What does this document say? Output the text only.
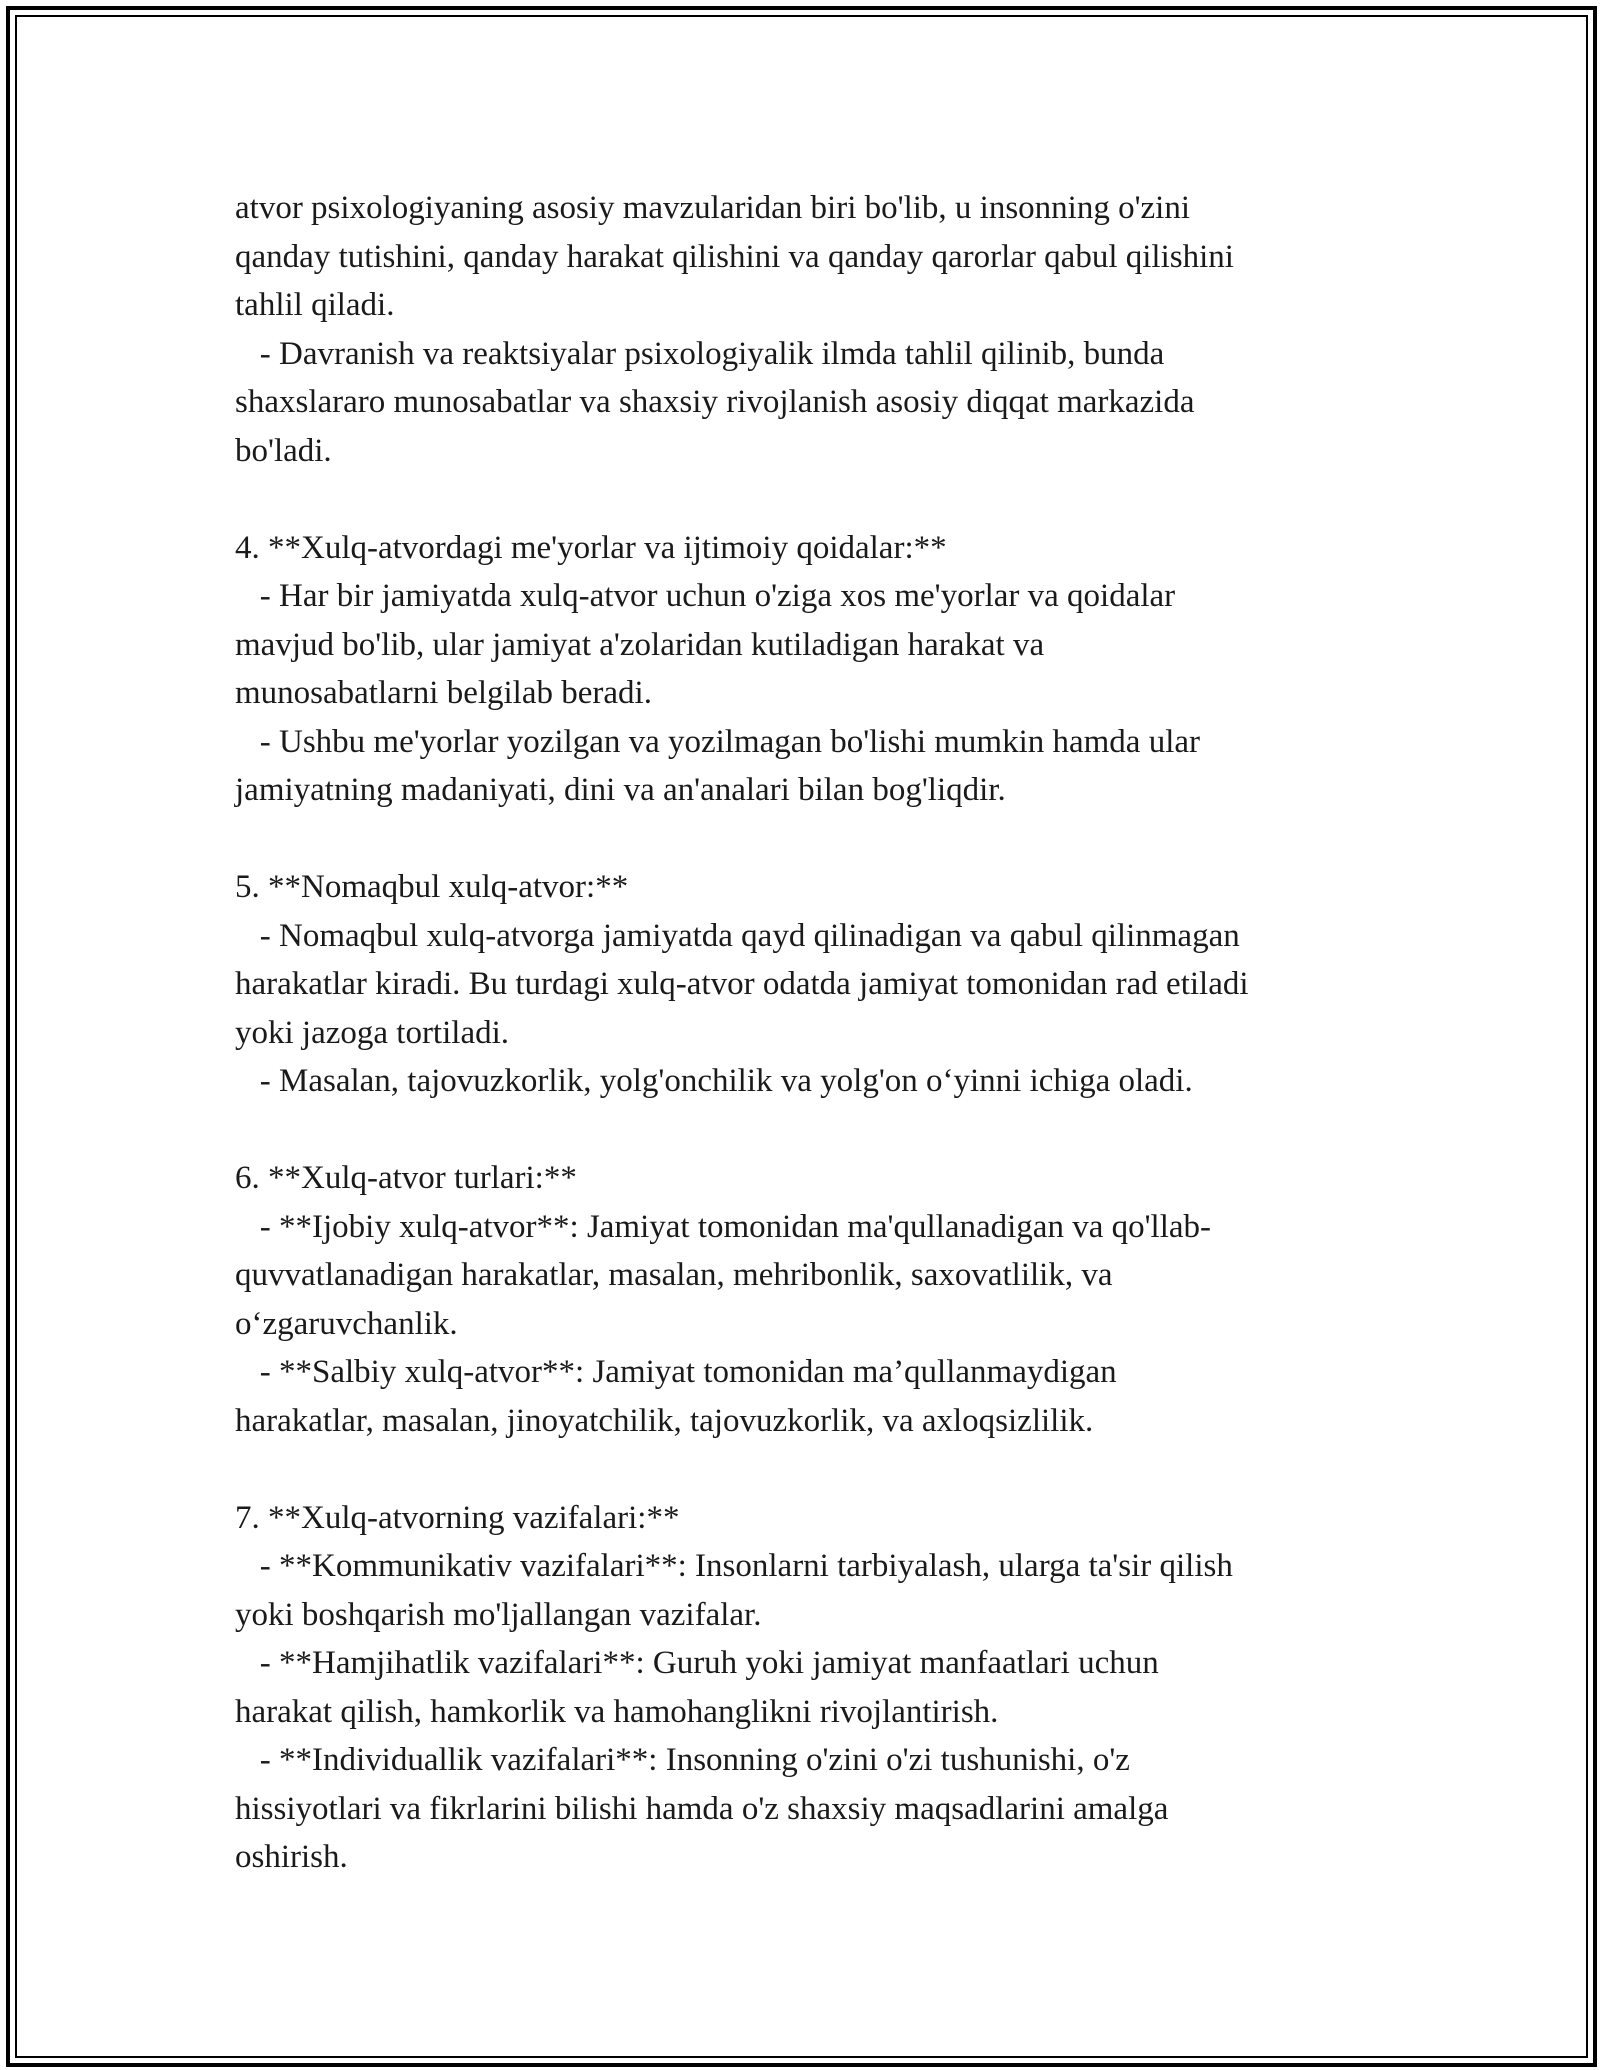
atvor psixologiyaning asosiy mavzularidan biri bo'lib, u insonning o'zini
qanday tutishini, qanday harakat qilishini va qanday qarorlar qabul qilishini
tahlil qiladi.
- Davranish va reaktsiyalar psixologiyalik ilmda tahlil qilinib, bunda
shaxslararo munosabatlar va shaxsiy rivojlanish asosiy diqqat markazida
bo'ladi.
4. **Xulq-atvordagi me'yorlar va ijtimoiy qoidalar:**
- Har bir jamiyatda xulq-atvor uchun o'ziga xos me'yorlar va qoidalar
mavjud bo'lib, ular jamiyat a'zolaridan kutiladigan harakat va
munosabatlarni belgilab beradi.
- Ushbu me'yorlar yozilgan va yozilmagan bo'lishi mumkin hamda ular
jamiyatning madaniyati, dini va an'analari bilan bog'liqdir.
5. **Nomaqbul xulq-atvor:**
- Nomaqbul xulq-atvorga jamiyatda qayd qilinadigan va qabul qilinmagan
harakatlar kiradi. Bu turdagi xulq-atvor odatda jamiyat tomonidan rad etiladi
yoki jazoga tortiladi.
- Masalan, tajovuzkorlik, yolg'onchilik va yolg'on o‘yinni ichiga oladi.
6. **Xulq-atvor turlari:**
- **Ijobiy xulq-atvor**: Jamiyat tomonidan ma'qullanadigan va qo'llab-
quvvatlanadigan harakatlar, masalan, mehribonlik, saxovatlilik, va
o‘zgaruvchanlik.
- **Salbiy xulq-atvor**: Jamiyat tomonidan ma’qullanmaydigan
harakatlar, masalan, jinoyatchilik, tajovuzkorlik, va axloqsizlilik.
7. **Xulq-atvorning vazifalari:**
- **Kommunikativ vazifalari**: Insonlarni tarbiyalash, ularga ta'sir qilish
yoki boshqarish mo'ljallangan vazifalar.
- **Hamjihatlik vazifalari**: Guruh yoki jamiyat manfaatlari uchun
harakat qilish, hamkorlik va hamohanglikni rivojlantirish.
- **Individuallik vazifalari**: Insonning o'zini o'zi tushunishi, o'z
hissiyotlari va fikrlarini bilishi hamda o'z shaxsiy maqsadlarini amalga
oshirish.
